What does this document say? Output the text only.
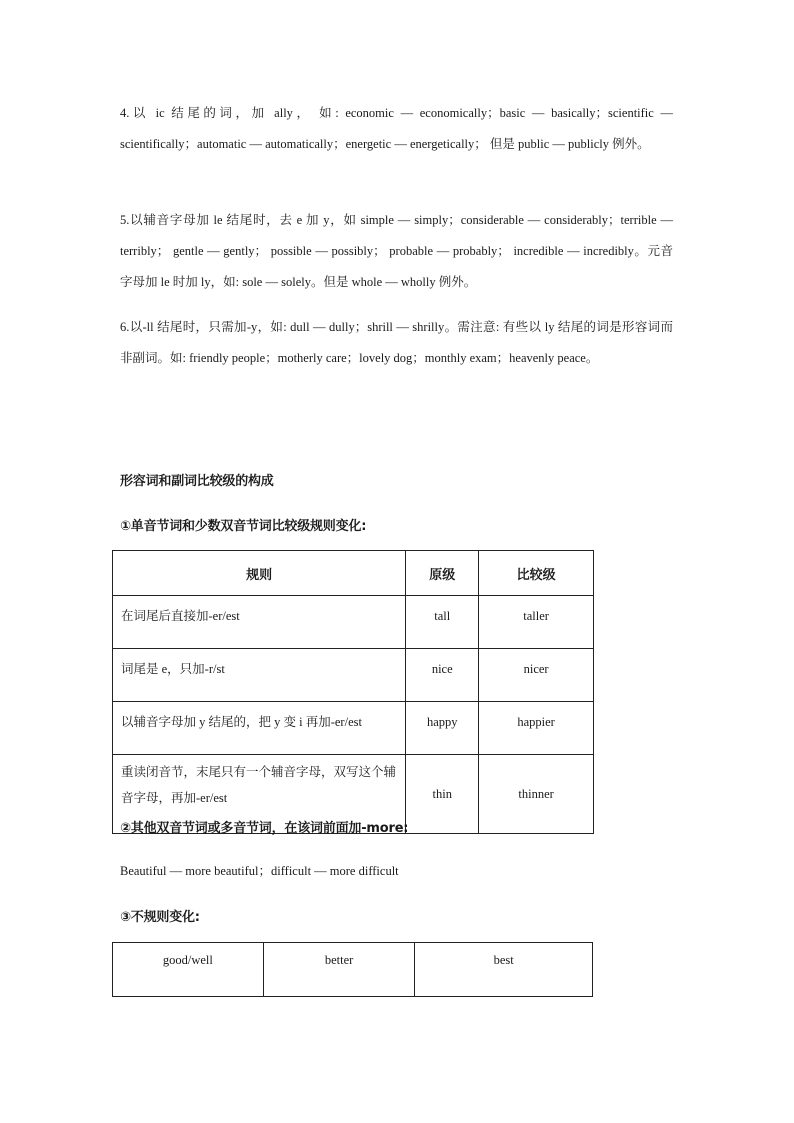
4.以 ic 结尾的词，加 ally， 如: economic — economically；basic — basically；scientific — scientifically；automatic — automatically；energetic — energetically； 但是 public — publicly 例外。

5.以辅音字母加 le 结尾时，去 e 加 y，如 simple — simply；considerable — considerably；terrible — terribly； gentle — gently； possible — possibly； probable — probably； incredible — incredibly。元音字母加 le 时加 ly，如: sole — solely。但是 whole — wholly 例外。

6.以-ll 结尾时，只需加-y，如: dull — dully；shrill — shrilly。需注意: 有些以 ly 结尾的词是形容词而非副词。如: friendly people；motherly care；lovely dog；monthly exam；heavenly peace。

形容词和副词比较级的构成
①单音节词和少数双音节词比较级规则变化:
规则	原级	比较级
在词尾后直接加-er/est	tall	taller
词尾是 e，只加-r/st	nice	nicer
以辅音字母加 y 结尾的，把 y 变 i 再加-er/est	happy	happier
重读闭音节，末尾只有一个辅音字母，双写这个辅音字母，再加-er/est	thin	thinner
②其他双音节词或多音节词，在该词前面加-more:

Beautiful — more beautiful；difficult — more difficult

③不规则变化:
good/well	better	best
